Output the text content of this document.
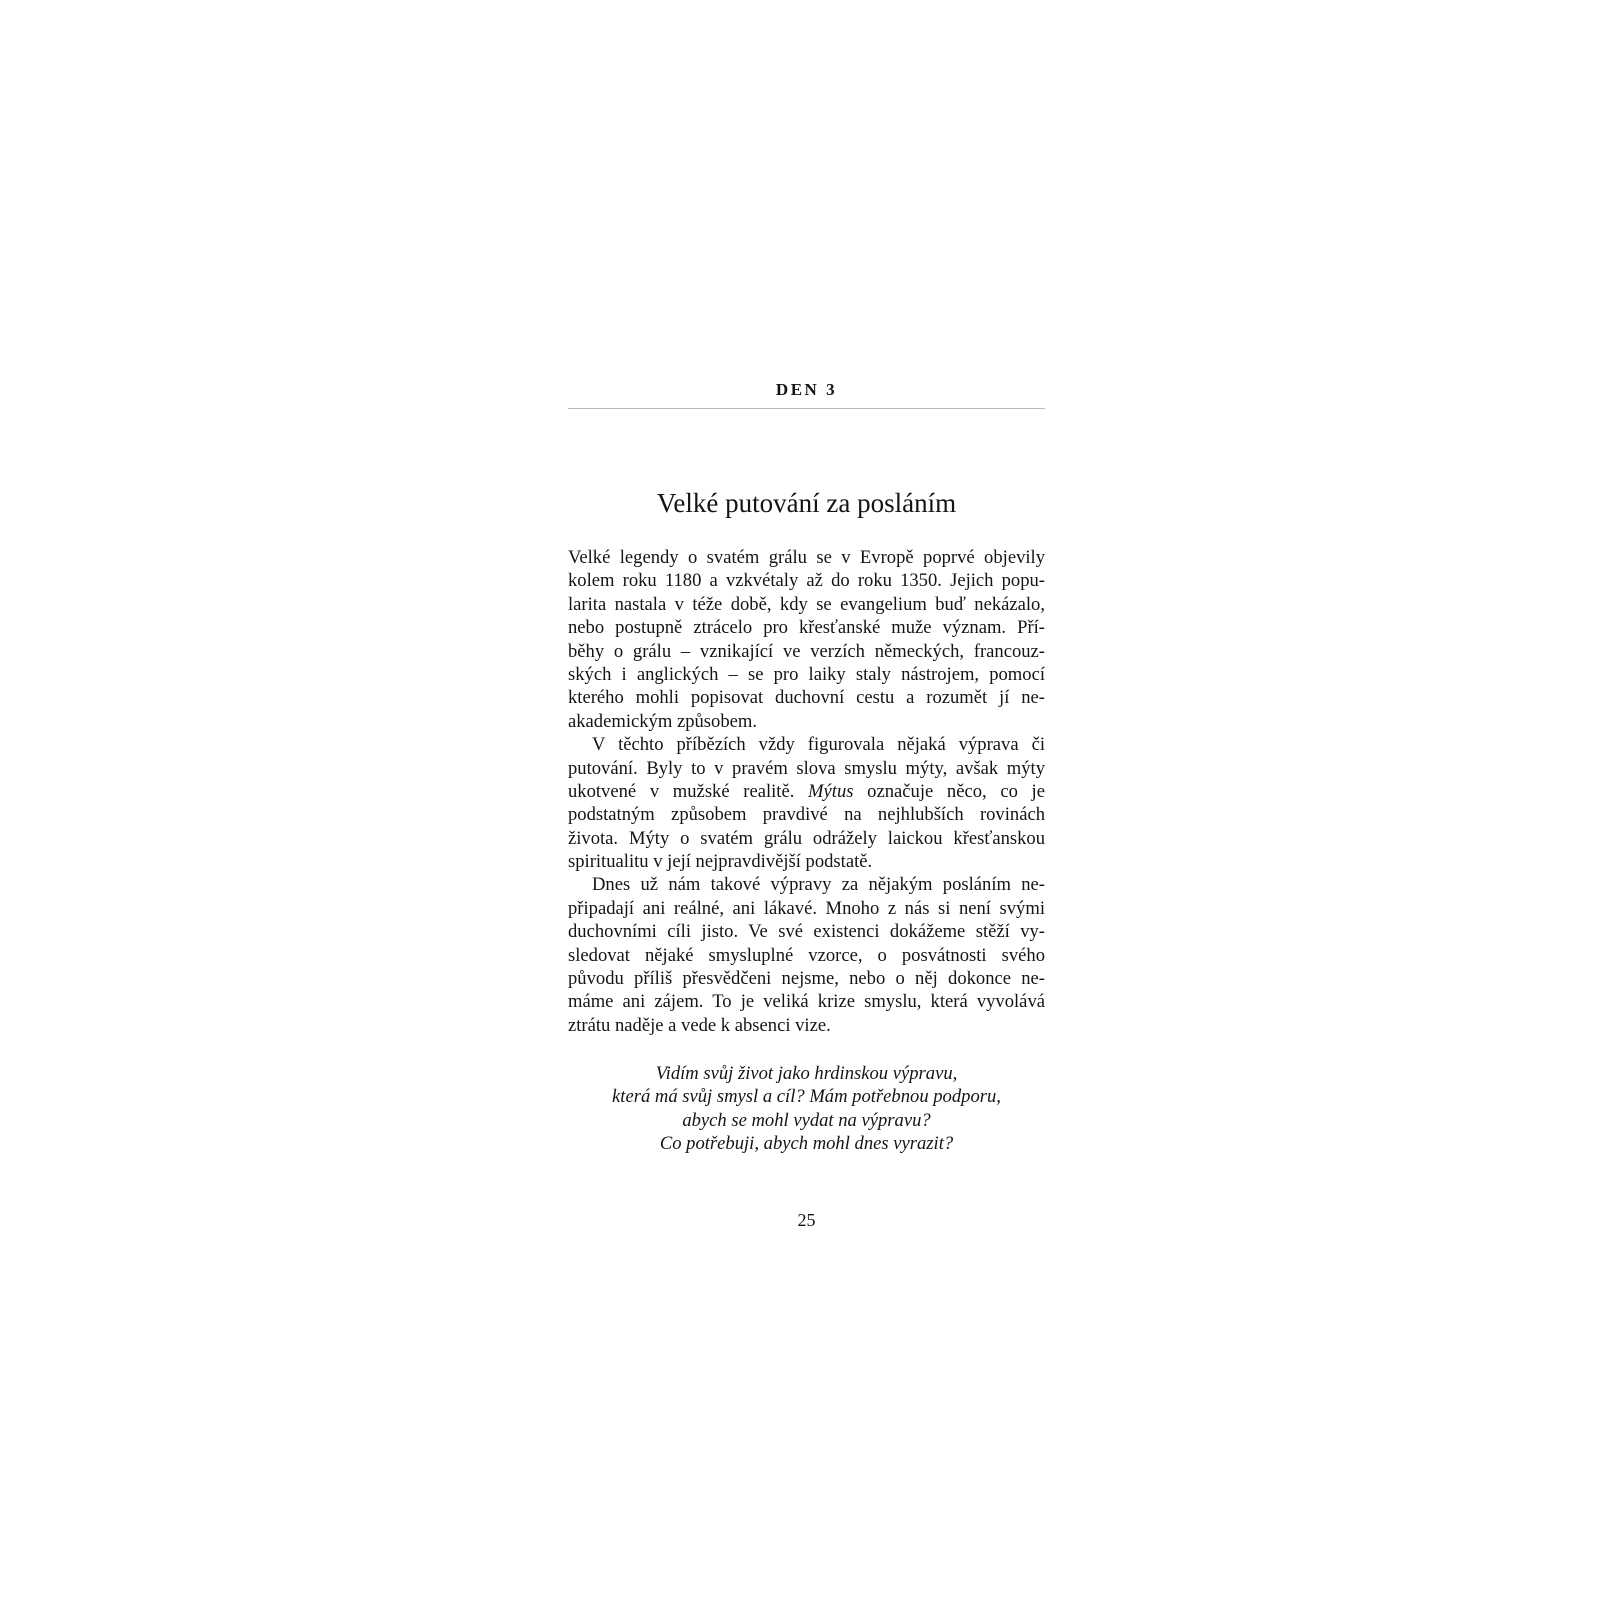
DEN 3
Velké putování za posláním
Velké legendy o svatém grálu se v Evropě poprvé objevily
kolem roku 1180 a vzkvétaly až do roku 1350. Jejich popu-
larita nastala v téže době, kdy se evangelium buď nekázalo,
nebo postupně ztrácelo pro křesťanské muže význam. Pří-
běhy o grálu – vznikající ve verzích německých, francouz-
ských i anglických – se pro laiky staly nástrojem, pomocí
kterého mohli popisovat duchovní cestu a rozumět jí ne-
akademickým způsobem.
V těchto příbězích vždy figurovala nějaká výprava či
putování. Byly to v pravém slova smyslu mýty, avšak mýty
ukotvené v mužské realitě. Mýtus označuje něco, co je
podstatným způsobem pravdivé na nejhlubších rovinách
života. Mýty o svatém grálu odrážely laickou křesťanskou
spiritualitu v její nejpravdivější podstatě.
Dnes už nám takové výpravy za nějakým posláním ne-
připadají ani reálné, ani lákavé. Mnoho z nás si není svými
duchovními cíli jisto. Ve své existenci dokážeme stěží vy-
sledovat nějaké smysluplné vzorce, o posvátnosti svého
původu příliš přesvědčeni nejsme, nebo o něj dokonce ne-
máme ani zájem. To je veliká krize smyslu, která vyvolává
ztrátu naděje a vede k absenci vize.
Vidím svůj život jako hrdinskou výpravu,
která má svůj smysl a cíl? Mám potřebnou podporu,
abych se mohl vydat na výpravu?
Co potřebuji, abych mohl dnes vyrazit?
25
